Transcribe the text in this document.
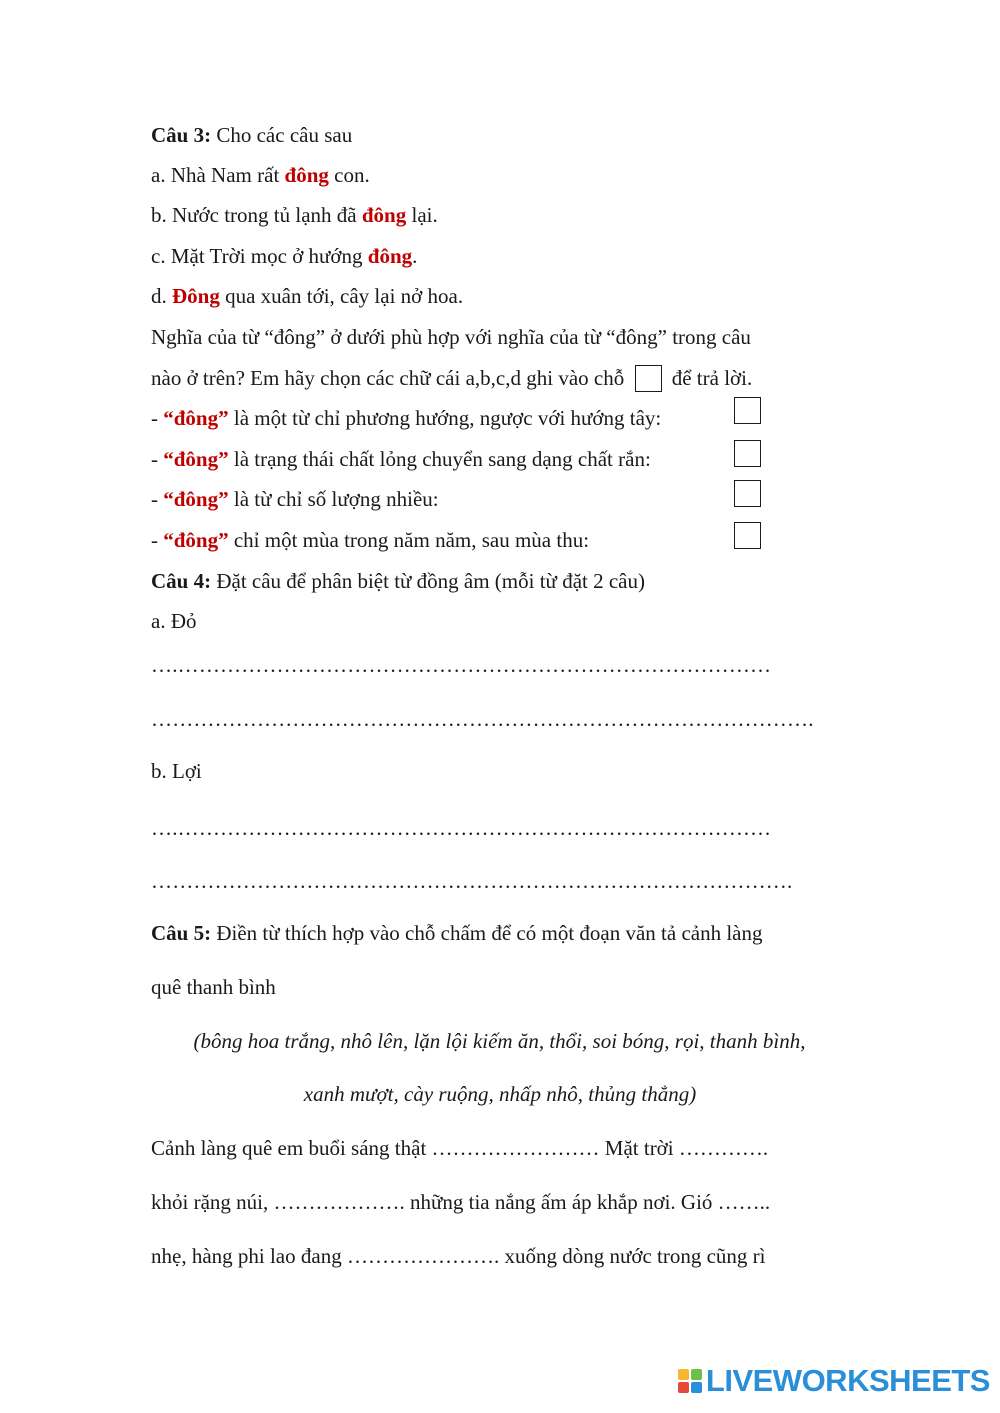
Câu 3: Cho các câu sau
a. Nhà Nam rất đông con.
b. Nước trong tủ lạnh đã đông lại.
c. Mặt Trời mọc ở hướng đông.
d. Đông qua xuân tới, cây lại nở hoa.
Nghĩa của từ “đông” ở dưới phù hợp với nghĩa của từ “đông” trong câu
nào ở trên? Em hãy chọn các chữ cái a,b,c,d ghi vào chỗ  để trả lời.
- “đông” là một từ chỉ phương hướng, ngược với hướng tây:
- “đông” là trạng thái chất lỏng chuyển sang dạng chất rắn:
- “đông” là từ chỉ số lượng nhiều:
- “đông” chỉ một mùa trong năm năm, sau mùa thu:
Câu 4: Đặt câu để phân biệt từ đồng âm (mỗi từ đặt 2 câu)
a. Đỏ
….…………………………………………………………………………
………………………………………………………………………………….
b. Lợi
….…………………………………………………………………………
……………………………………………………………………………….
Câu 5: Điền từ thích hợp vào chỗ chấm để có một đoạn văn tả cảnh làng
quê thanh bình
(bông hoa trắng, nhô lên, lặn lội kiếm ăn, thổi, soi bóng, rọi, thanh bình,
xanh mượt, cày ruộng, nhấp nhô, thủng thẳng)
Cảnh làng quê em buổi sáng thật …………………… Mặt trời ………….
khỏi rặng núi, ………………. những tia nắng ấm áp khắp nơi. Gió ……..
nhẹ, hàng phi lao đang …………………. xuống dòng nước trong cũng rì
LIVEWORKSHEETS
